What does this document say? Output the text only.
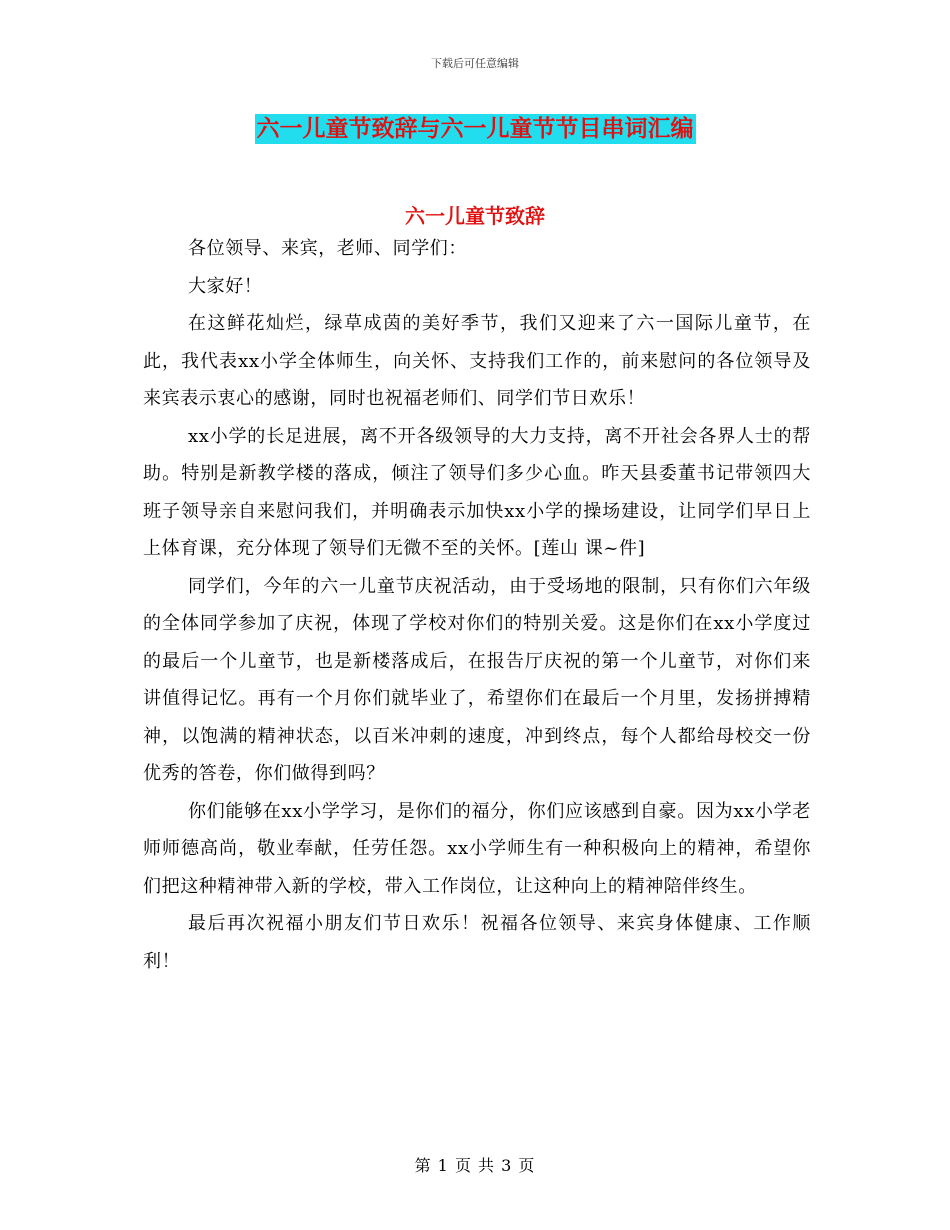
下载后可任意编辑
六一儿童节致辞与六一儿童节节目串词汇编
六一儿童节致辞

各位领导、来宾，老师、同学们：

大家好！

在这鲜花灿烂，绿草成茵的美好季节，我们又迎来了六一国际儿童节，在此，我代表xx小学全体师生，向关怀、支持我们工作的，前来慰问的各位领导及来宾表示衷心的感谢，同时也祝福老师们、同学们节日欢乐！

xx小学的长足进展，离不开各级领导的大力支持，离不开社会各界人士的帮助。特别是新教学楼的落成，倾注了领导们多少心血。昨天县委董书记带领四大班子领导亲自来慰问我们，并明确表示加快xx小学的操场建设，让同学们早日上上体育课，充分体现了领导们无微不至的关怀。[莲山 课~件]

同学们，今年的六一儿童节庆祝活动，由于受场地的限制，只有你们六年级的全体同学参加了庆祝，体现了学校对你们的特别关爱。这是你们在xx小学度过的最后一个儿童节，也是新楼落成后，在报告厅庆祝的第一个儿童节，对你们来讲值得记忆。再有一个月你们就毕业了，希望你们在最后一个月里，发扬拼搏精神，以饱满的精神状态，以百米冲刺的速度，冲到终点，每个人都给母校交一份优秀的答卷，你们做得到吗？

你们能够在xx小学学习，是你们的福分，你们应该感到自豪。因为xx小学老师师德高尚，敬业奉献，任劳任怨。xx小学师生有一种积极向上的精神，希望你们把这种精神带入新的学校，带入工作岗位，让这种向上的精神陪伴终生。

最后再次祝福小朋友们节日欢乐！祝福各位领导、来宾身体健康、工作顺利！

第 1 页 共 3 页
